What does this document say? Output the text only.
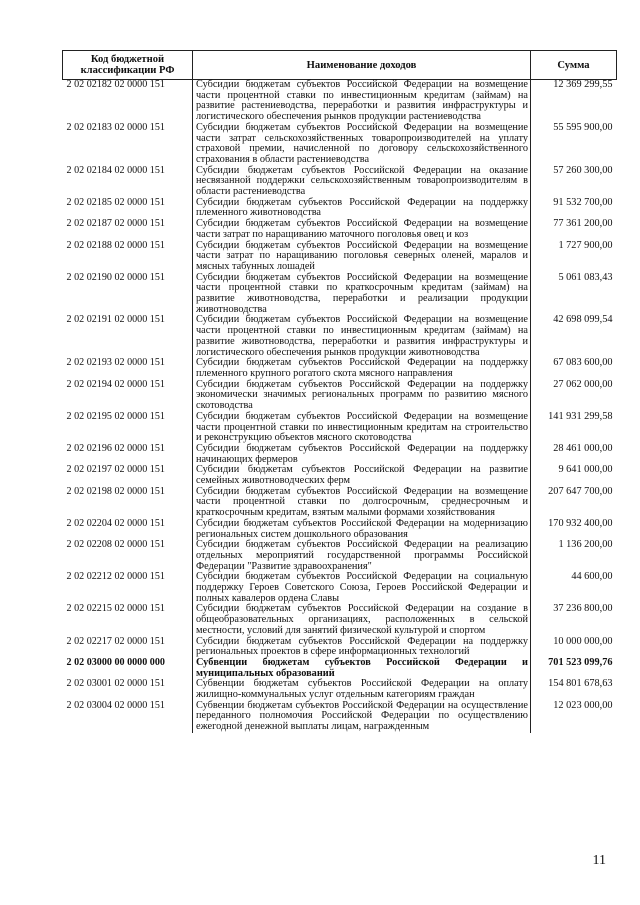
Код бюджетной классификации РФ	Наименование доходов	Сумма
2 02 02182 02 0000 151	Субсидии бюджетам субъектов Российской Федерации на возмещение части процентной ставки по инвестиционным кредитам (займам) на развитие растениеводства, переработки и развития инфраструктуры и логистического обеспечения рынков продукции растениеводства	12 369 299,55
2 02 02183 02 0000 151	Субсидии бюджетам субъектов Российской Федерации на возмещение части затрат сельскохозяйственных товаропроизводителей на уплату страховой премии, начисленной по договору сельскохозяйственного страхования в области растениеводства	55 595 900,00
2 02 02184 02 0000 151	Субсидии бюджетам субъектов Российской Федерации на оказание несвязанной поддержки сельскохозяйственным товаропроизводителям в области растениеводства	57 260 300,00
2 02 02185 02 0000 151	Субсидии бюджетам субъектов Российской Федерации на поддержку племенного животноводства	91 532 700,00
2 02 02187 02 0000 151	Субсидии бюджетам субъектов Российской Федерации на возмещение части затрат по наращиванию маточного поголовья овец и коз	77 361 200,00
2 02 02188 02 0000 151	Субсидии бюджетам субъектов Российской Федерации на возмещение части затрат по наращиванию поголовья северных оленей, маралов и мясных табунных лошадей	1 727 900,00
2 02 02190 02 0000 151	Субсидии бюджетам субъектов Российской Федерации на возмещение части процентной ставки по краткосрочным кредитам (займам) на развитие животноводства, переработки и реализации продукции животноводства	5 061 083,43
2 02 02191 02 0000 151	Субсидии бюджетам субъектов Российской Федерации на возмещение части процентной ставки по инвестиционным кредитам (займам) на развитие животноводства, переработки и развития инфраструктуры и логистического обеспечения рынков продукции животноводства	42 698 099,54
2 02 02193 02 0000 151	Субсидии бюджетам субъектов Российской Федерации на поддержку племенного крупного рогатого скота мясного направления	67 083 600,00
2 02 02194 02 0000 151	Субсидии бюджетам субъектов Российской Федерации на поддержку экономически значимых региональных программ по развитию мясного скотоводства	27 062 000,00
2 02 02195 02 0000 151	Субсидии бюджетам субъектов Российской Федерации на возмещение части процентной ставки по инвестиционным кредитам на строительство и реконструкцию объектов мясного скотоводства	141 931 299,58
2 02 02196 02 0000 151	Субсидии бюджетам субъектов Российской Федерации на поддержку начинающих фермеров	28 461 000,00
2 02 02197 02 0000 151	Субсидии бюджетам субъектов Российской Федерации на развитие семейных животноводческих ферм	9 641 000,00
2 02 02198 02 0000 151	Субсидии бюджетам субъектов Российской Федерации на возмещение части процентной ставки по долгосрочным, среднесрочным и краткосрочным кредитам, взятым малыми формами хозяйствования	207 647 700,00
2 02 02204 02 0000 151	Субсидии бюджетам субъектов Российской Федерации на модернизацию региональных систем дошкольного образования	170 932 400,00
2 02 02208 02 0000 151	Субсидии бюджетам субъектов Российской Федерации на реализацию отдельных мероприятий государственной программы Российской Федерации "Развитие здравоохранения"	1 136 200,00
2 02 02212 02 0000 151	Субсидии бюджетам субъектов Российской Федерации на социальную поддержку Героев Советского Союза, Героев Российской Федерации и полных кавалеров ордена Славы	44 600,00
2 02 02215 02 0000 151	Субсидии бюджетам субъектов Российской Федерации на создание в общеобразовательных организациях, расположенных в сельской местности, условий для занятий физической культурой и спортом	37 236 800,00
2 02 02217 02 0000 151	Субсидии бюджетам субъектов Российской Федерации на поддержку региональных проектов в сфере информационных технологий	10 000 000,00
2 02 03000 00 0000 000	Субвенции бюджетам субъектов Российской Федерации и муниципальных образований	701 523 099,76
2 02 03001 02 0000 151	Субвенции бюджетам субъектов Российской Федерации на оплату жилищно-коммунальных услуг отдельным категориям граждан	154 801 678,63
2 02 03004 02 0000 151	Субвенции бюджетам субъектов Российской Федерации на осуществление переданного полномочия Российской Федерации по осуществлению ежегодной денежной выплаты лицам, награжденным	12 023 000,00
11
